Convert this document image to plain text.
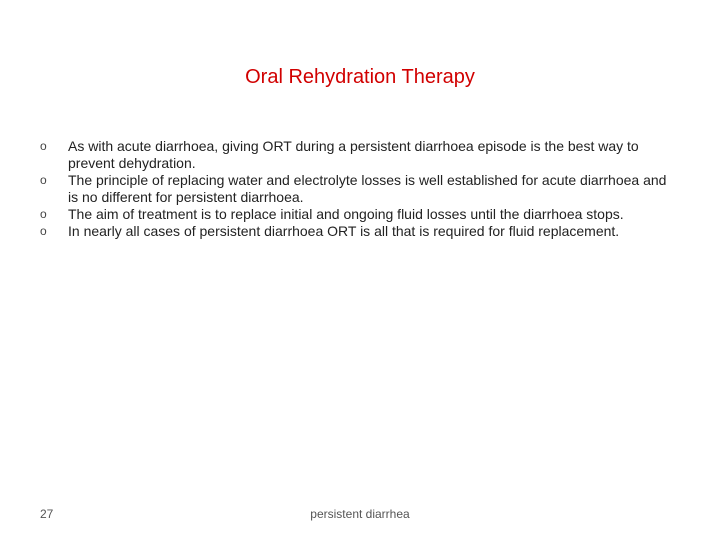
Oral Rehydration Therapy
o	As with acute diarrhoea, giving ORT during a persistent diarrhoea episode is the best way to prevent dehydration.
o	The principle of replacing water and electrolyte losses is well established for acute diarrhoea and is no different for persistent diarrhoea.
o	The aim of treatment is to replace initial and ongoing fluid losses until the diarrhoea stops.
o	In nearly all cases of persistent diarrhoea ORT is all that is required for fluid replacement.
27	persistent diarrhea
